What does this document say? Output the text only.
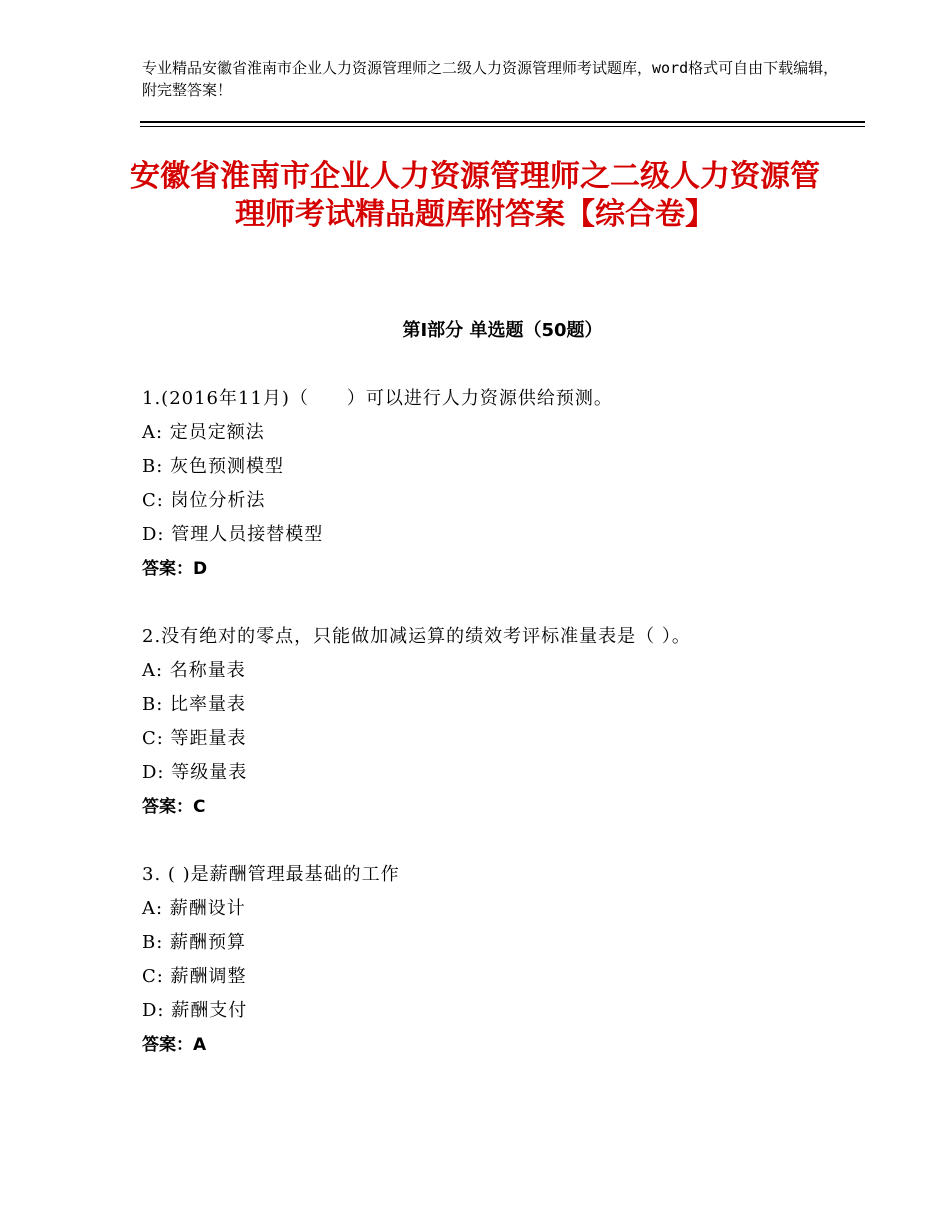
专业精品安徽省淮南市企业人力资源管理师之二级人力资源管理师考试题库，word格式可自由下载编辑，附完整答案！
安徽省淮南市企业人力资源管理师之二级人力资源管理师考试精品题库附答案【综合卷】
第Ⅰ部分 单选题（50题）
1.(2016年11月)（　　）可以进行人力资源供给预测。
A: 定员定额法
B: 灰色预测模型
C: 岗位分析法
D: 管理人员接替模型
答案：D
2.没有绝对的零点，只能做加减运算的绩效考评标准量表是（ ）。
A: 名称量表
B: 比率量表
C: 等距量表
D: 等级量表
答案：C
3. ( )是薪酬管理最基础的工作
A: 薪酬设计
B: 薪酬预算
C: 薪酬调整
D: 薪酬支付
答案：A
